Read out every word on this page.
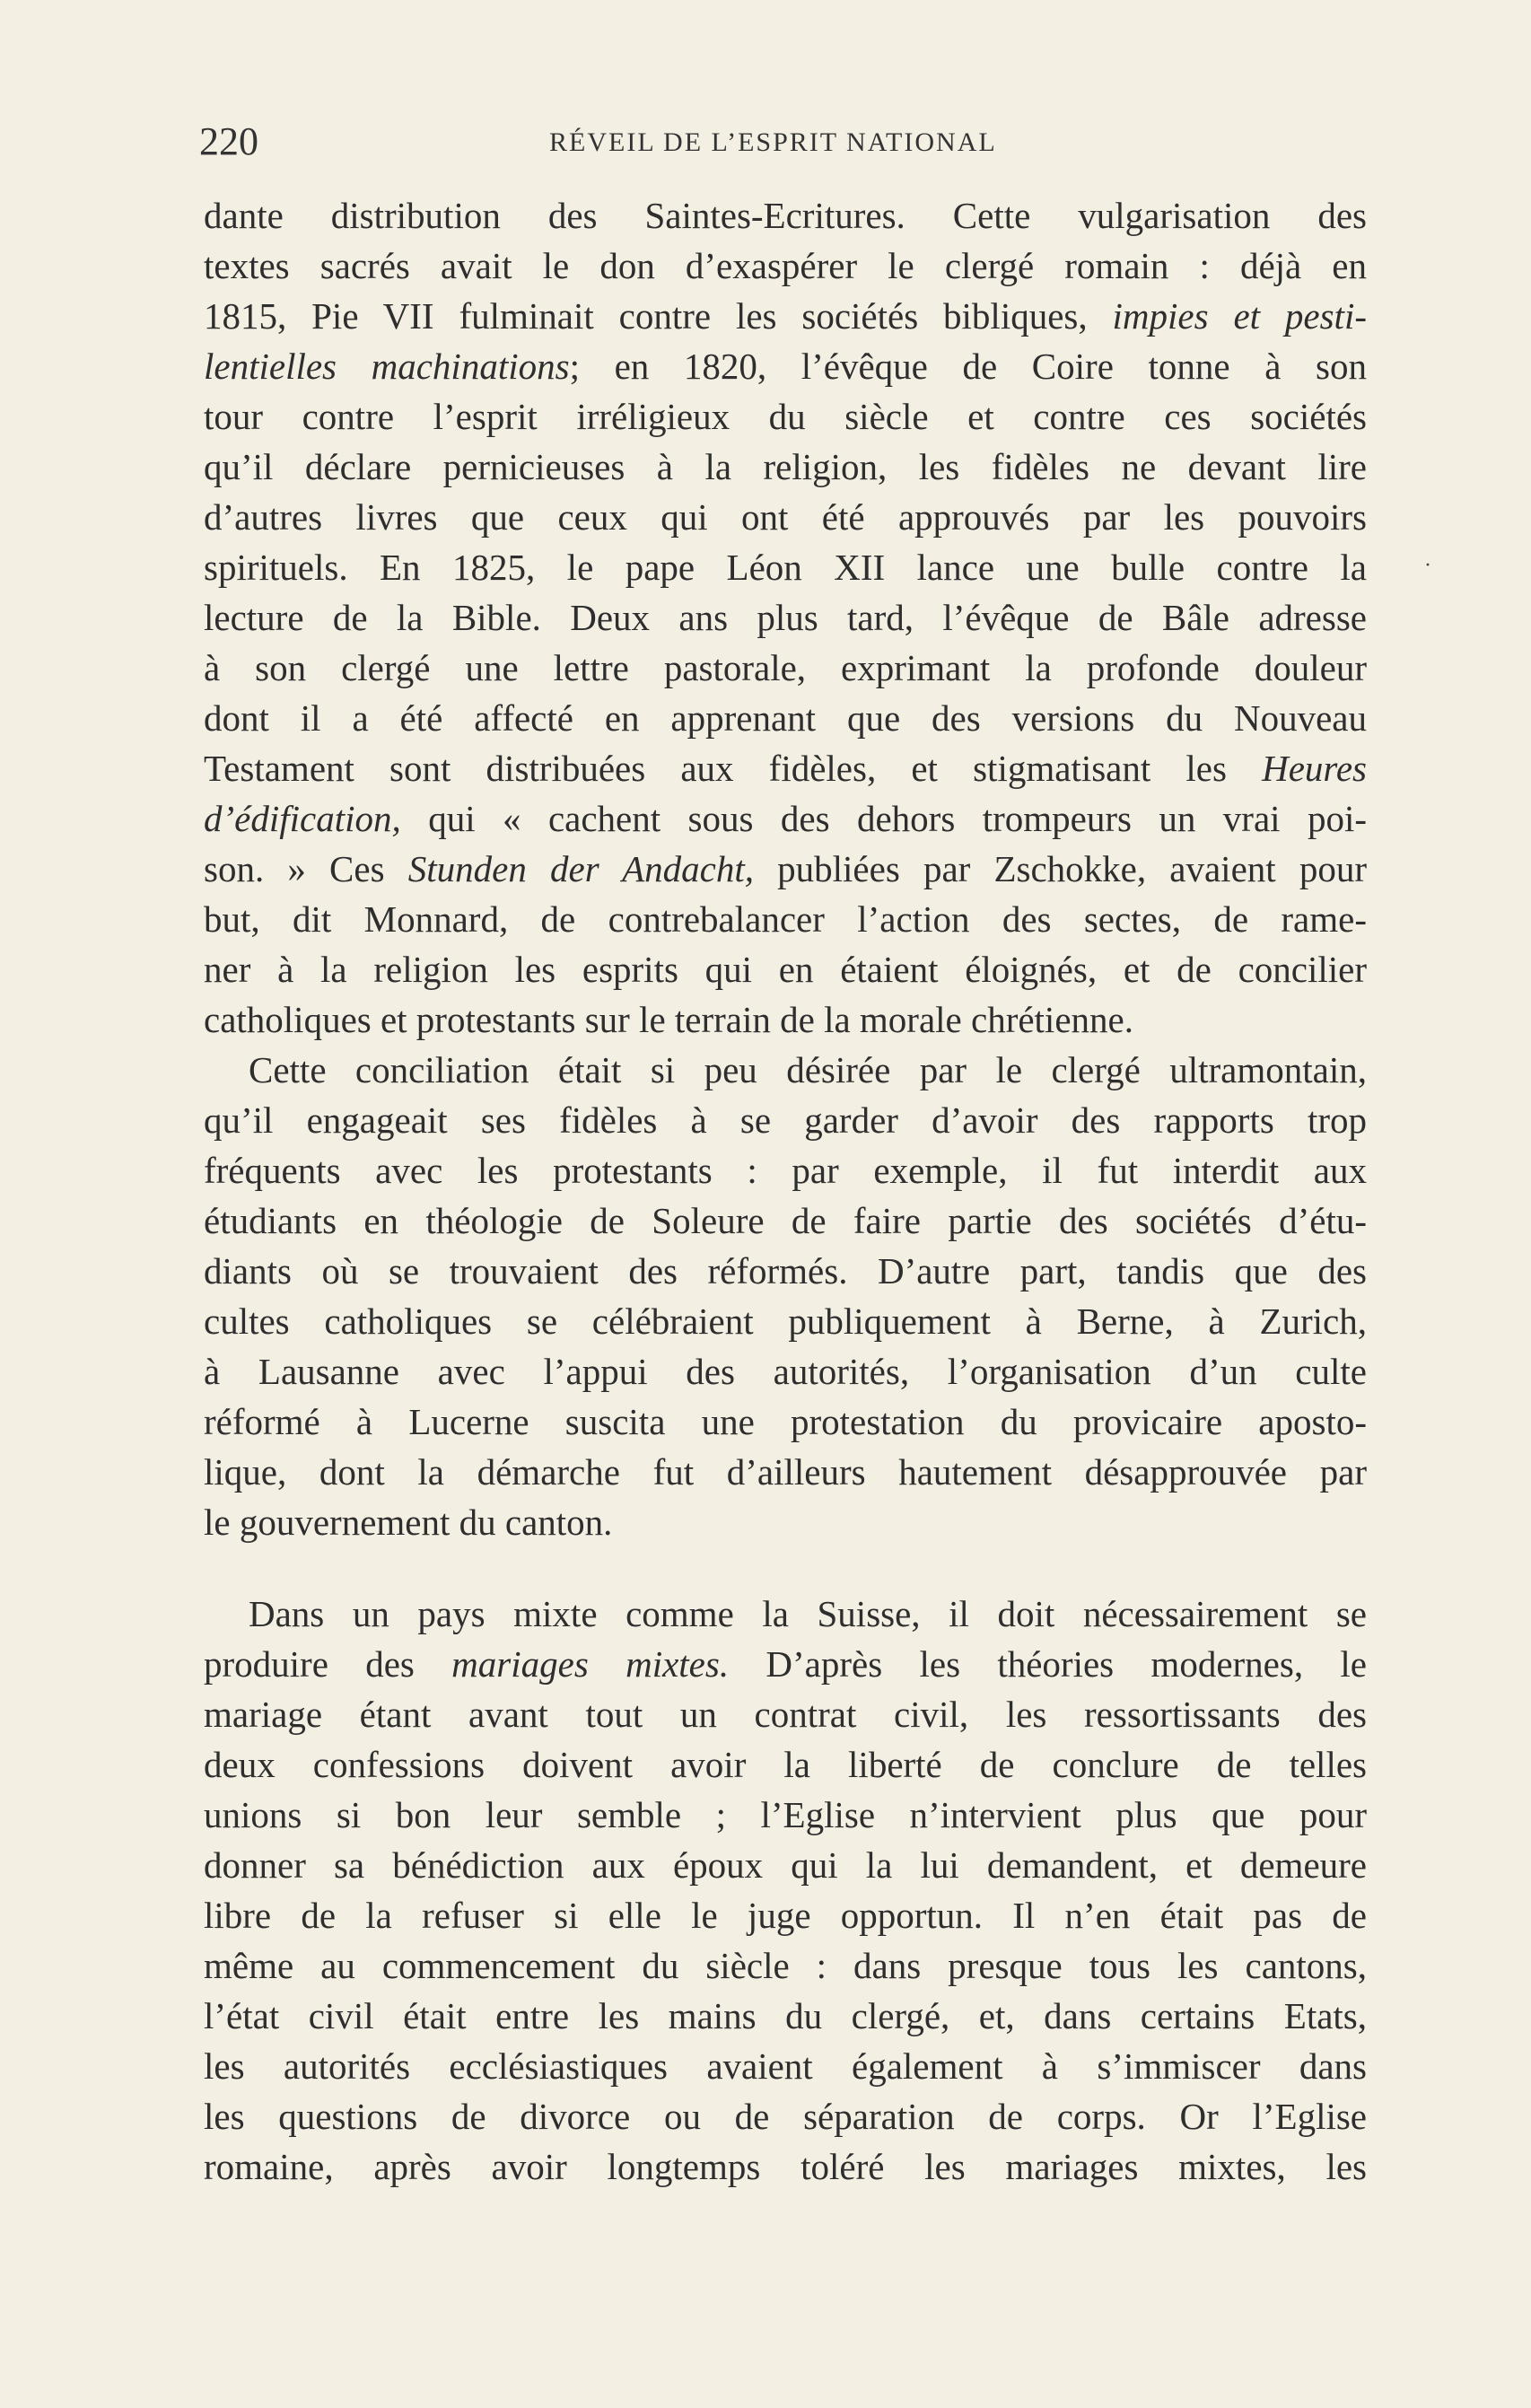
220	RÉVEIL DE L’ESPRIT NATIONAL
·
dante distribution des Saintes-Ecritures. Cette vulgarisation des
textes sacrés avait le don d’exaspérer le clergé romain : déjà en
1815, Pie VII fulminait contre les sociétés bibliques, impies et pesti-
lentielles machinations; en 1820, l’évêque de Coire tonne à son
tour contre l’esprit irréligieux du siècle et contre ces sociétés
qu’il déclare pernicieuses à la religion, les fidèles ne devant lire
d’autres livres que ceux qui ont été approuvés par les pouvoirs
spirituels. En 1825, le pape Léon XII lance une bulle contre la
lecture de la Bible. Deux ans plus tard, l’évêque de Bâle adresse
à son clergé une lettre pastorale, exprimant la profonde douleur
dont il a été affecté en apprenant que des versions du Nouveau
Testament sont distribuées aux fidèles, et stigmatisant les Heures
d’édification, qui « cachent sous des dehors trompeurs un vrai poi-
son. » Ces Stunden der Andacht, publiées par Zschokke, avaient pour
but, dit Monnard, de contrebalancer l’action des sectes, de rame-
ner à la religion les esprits qui en étaient éloignés, et de concilier
catholiques et protestants sur le terrain de la morale chrétienne.
Cette conciliation était si peu désirée par le clergé ultramontain,
qu’il engageait ses fidèles à se garder d’avoir des rapports trop
fréquents avec les protestants : par exemple, il fut interdit aux
étudiants en théologie de Soleure de faire partie des sociétés d’étu-
diants où se trouvaient des réformés. D’autre part, tandis que des
cultes catholiques se célébraient publiquement à Berne, à Zurich,
à Lausanne avec l’appui des autorités, l’organisation d’un culte
réformé à Lucerne suscita une protestation du provicaire aposto-
lique, dont la démarche fut d’ailleurs hautement désapprouvée par
le gouvernement du canton.
Dans un pays mixte comme la Suisse, il doit nécessairement se
produire des mariages mixtes. D’après les théories modernes, le
mariage étant avant tout un contrat civil, les ressortissants des
deux confessions doivent avoir la liberté de conclure de telles
unions si bon leur semble ; l’Eglise n’intervient plus que pour
donner sa bénédiction aux époux qui la lui demandent, et demeure
libre de la refuser si elle le juge opportun. Il n’en était pas de
même au commencement du siècle : dans presque tous les cantons,
l’état civil était entre les mains du clergé, et, dans certains Etats,
les autorités ecclésiastiques avaient également à s’immiscer dans
les questions de divorce ou de séparation de corps. Or l’Eglise
romaine, après avoir longtemps toléré les mariages mixtes, les
